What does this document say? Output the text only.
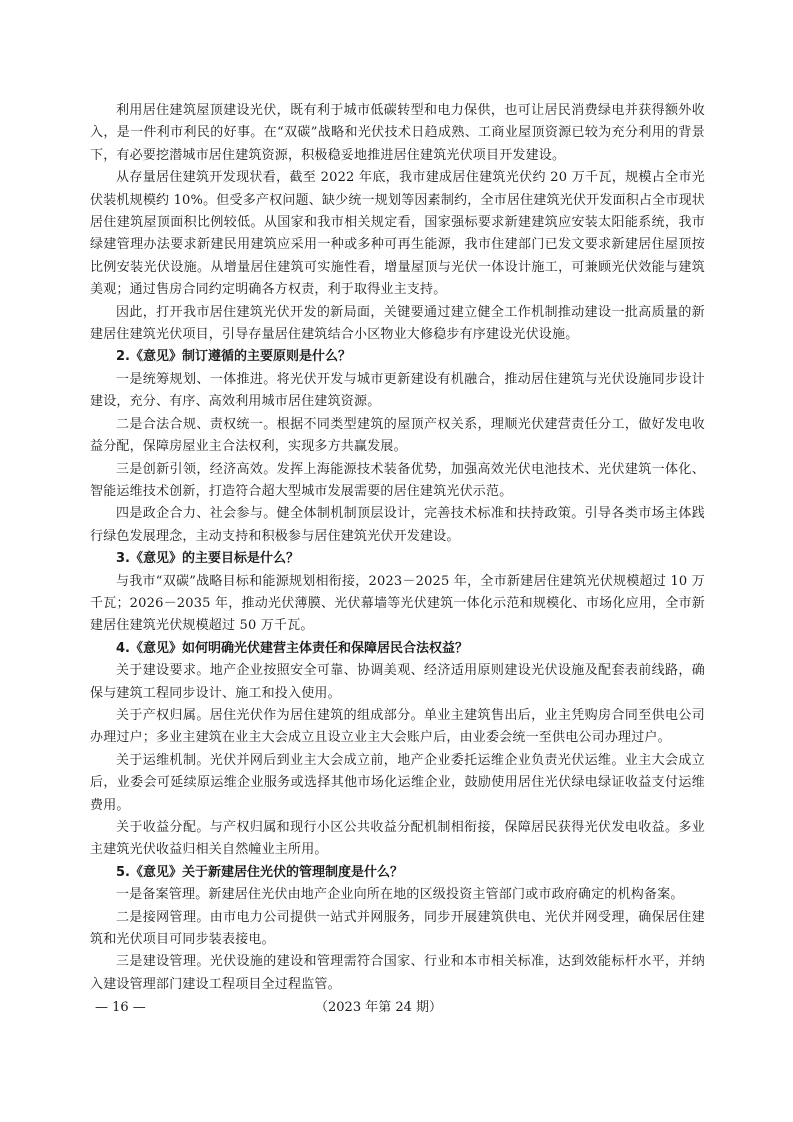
利用居住建筑屋顶建设光伏，既有利于城市低碳转型和电力保供，也可让居民消费绿电并获得额外收入，是一件利市利民的好事。在“双碳”战略和光伏技术日趋成熟、工商业屋顶资源已较为充分利用的背景下，有必要挖潜城市居住建筑资源，积极稳妥地推进居住建筑光伏项目开发建设。

从存量居住建筑开发现状看，截至 2022 年底，我市建成居住建筑光伏约 20 万千瓦，规模占全市光伏装机规模约 10%。但受多产权问题、缺少统一规划等因素制约，全市居住建筑光伏开发面积占全市现状居住建筑屋顶面积比例较低。从国家和我市相关规定看，国家强标要求新建建筑应安装太阳能系统，我市绿建管理办法要求新建民用建筑应采用一种或多种可再生能源，我市住建部门已发文要求新建居住屋顶按比例安装光伏设施。从增量居住建筑可实施性看，增量屋顶与光伏一体设计施工，可兼顾光伏效能与建筑美观；通过售房合同约定明确各方权责，利于取得业主支持。

因此，打开我市居住建筑光伏开发的新局面，关键要通过建立健全工作机制推动建设一批高质量的新建居住建筑光伏项目，引导存量居住建筑结合小区物业大修稳步有序建设光伏设施。

2.《意见》制订遵循的主要原则是什么？

一是统筹规划、一体推进。将光伏开发与城市更新建设有机融合，推动居住建筑与光伏设施同步设计建设，充分、有序、高效利用城市居住建筑资源。

二是合法合规、责权统一。根据不同类型建筑的屋顶产权关系，理顺光伏建营责任分工，做好发电收益分配，保障房屋业主合法权利，实现多方共赢发展。

三是创新引领，经济高效。发挥上海能源技术装备优势，加强高效光伏电池技术、光伏建筑一体化、智能运维技术创新，打造符合超大型城市发展需要的居住建筑光伏示范。

四是政企合力、社会参与。健全体制机制顶层设计，完善技术标准和扶持政策。引导各类市场主体践行绿色发展理念，主动支持和积极参与居住建筑光伏开发建设。

3.《意见》的主要目标是什么？

与我市“双碳”战略目标和能源规划相衔接，2023－2025 年，全市新建居住建筑光伏规模超过 10 万千瓦；2026－2035 年，推动光伏薄膜、光伏幕墙等光伏建筑一体化示范和规模化、市场化应用，全市新建居住建筑光伏规模超过 50 万千瓦。

4.《意见》如何明确光伏建营主体责任和保障居民合法权益？

关于建设要求。地产企业按照安全可靠、协调美观、经济适用原则建设光伏设施及配套表前线路，确保与建筑工程同步设计、施工和投入使用。

关于产权归属。居住光伏作为居住建筑的组成部分。单业主建筑售出后，业主凭购房合同至供电公司办理过户；多业主建筑在业主大会成立且设立业主大会账户后，由业委会统一至供电公司办理过户。

关于运维机制。光伏并网后到业主大会成立前，地产企业委托运维企业负责光伏运维。业主大会成立后，业委会可延续原运维企业服务或选择其他市场化运维企业，鼓励使用居住光伏绿电绿证收益支付运维费用。

关于收益分配。与产权归属和现行小区公共收益分配机制相衔接，保障居民获得光伏发电收益。多业主建筑光伏收益归相关自然幢业主所用。

5.《意见》关于新建居住光伏的管理制度是什么？

一是备案管理。新建居住光伏由地产企业向所在地的区级投资主管部门或市政府确定的机构备案。

二是接网管理。由市电力公司提供一站式并网服务，同步开展建筑供电、光伏并网受理，确保居住建筑和光伏项目可同步装表接电。

三是建设管理。光伏设施的建设和管理需符合国家、行业和本市相关标准，达到效能标杆水平，并纳入建设管理部门建设工程项目全过程监管。

— 16 —	（2023 年第 24 期）
